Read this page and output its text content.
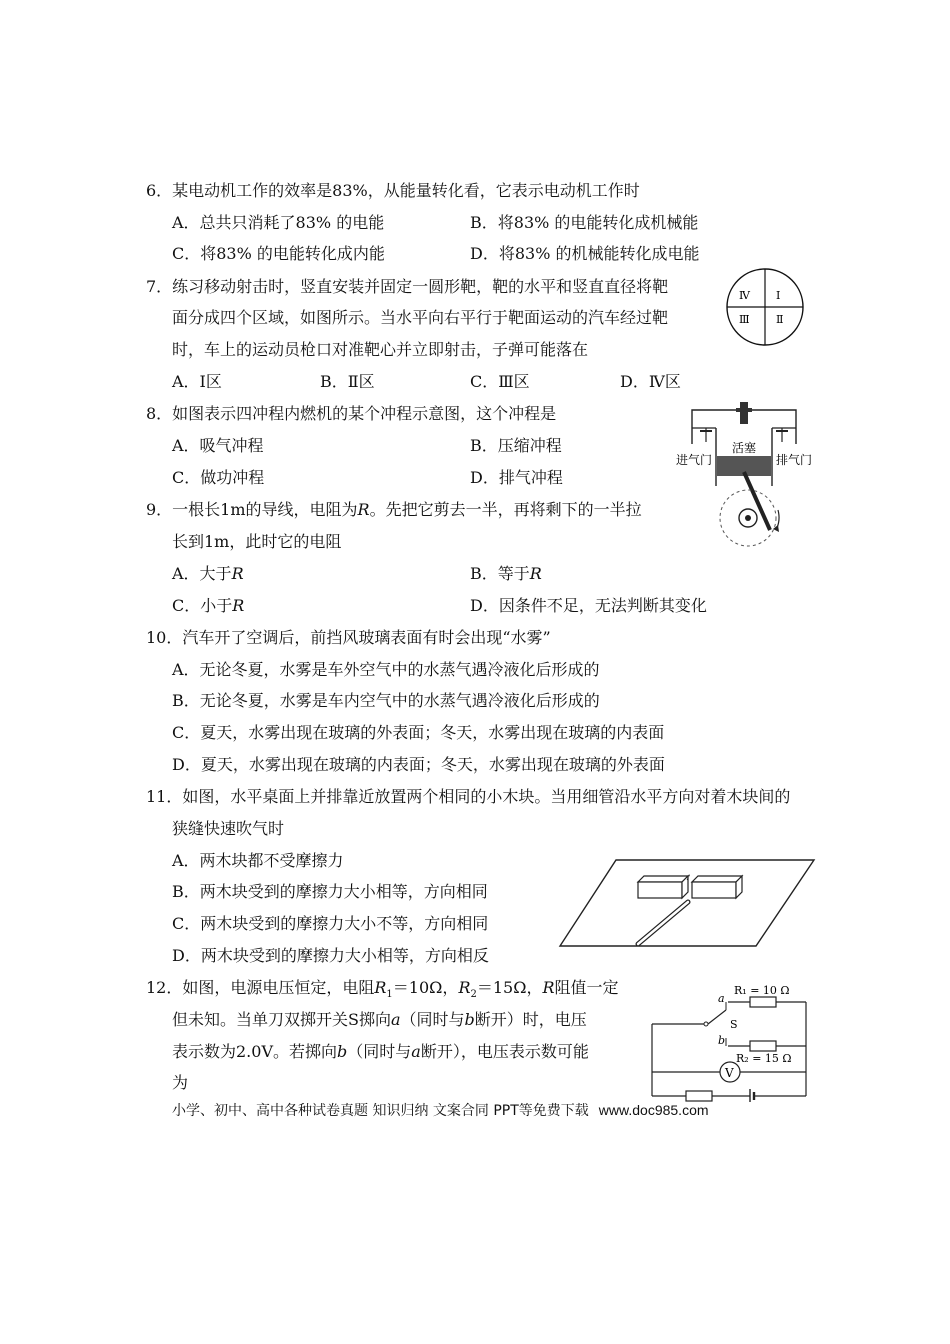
6．某电动机工作的效率是83%，从能量转化看，它表示电动机工作时
A．总共只消耗了83% 的电能	B．将83% 的电能转化成机械能
C．将83% 的电能转化成内能	D．将83% 的机械能转化成电能
7．练习移动射击时，竖直安装并固定一圆形靶，靶的水平和竖直直径将靶
面分成四个区域，如图所示。当水平向右平行于靶面运动的汽车经过靶
时，车上的运动员枪口对准靶心并立即射击，子弹可能落在
A．Ⅰ区	B．Ⅱ区	C．Ⅲ区	D．Ⅳ区
Ⅰ
Ⅱ
Ⅲ
Ⅳ
8．如图表示四冲程内燃机的某个冲程示意图，这个冲程是
A．吸气冲程	B．压缩冲程
C．做功冲程	D．排气冲程
活塞
进气门	排气门
9．一根长1m的导线，电阻为R。先把它剪去一半，再将剩下的一半拉
长到1m，此时它的电阻
A．大于R	B．等于R
C．小于R	D．因条件不足，无法判断其变化
10．汽车开了空调后，前挡风玻璃表面有时会出现“水雾”
A．无论冬夏，水雾是车外空气中的水蒸气遇冷液化后形成的
B．无论冬夏，水雾是车内空气中的水蒸气遇冷液化后形成的
C．夏天，水雾出现在玻璃的外表面；冬天，水雾出现在玻璃的内表面
D．夏天，水雾出现在玻璃的内表面；冬天，水雾出现在玻璃的外表面
11．如图，水平桌面上并排靠近放置两个相同的小木块。当用细管沿水平方向对着木块间的
狭缝快速吹气时
A．两木块都不受摩擦力
B．两木块受到的摩擦力大小相等，方向相同
C．两木块受到的摩擦力大小不等，方向相同
D．两木块受到的摩擦力大小相等，方向相反
12．如图，电源电压恒定，电阻$R_1=10\Omega$，$R_2=15\Omega$，R阻值一定
但未知。当单刀双掷开关S掷向a（同时与b断开）时，电压
表示数为2.0V。若掷向b（同时与a断开），电压表示数可能
为
R₁ = 10 Ω
a
S
b
R₂ = 15 Ω
V
小学、初中、高中各种试卷真题 知识归纳 文案合同 PPT等免费下载 www.doc985.com
